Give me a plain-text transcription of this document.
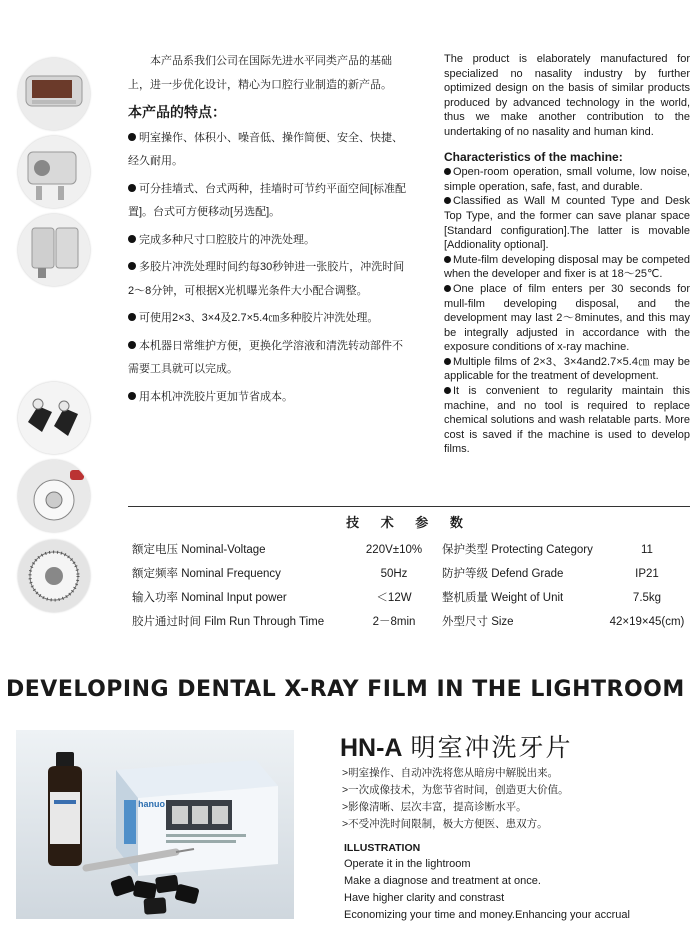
本产品系我们公司在国际先进水平同类产品的基础上，进一步优化设计，精心为口腔行业制造的新产品。

本产品的特点：

明室操作、体积小、噪音低、操作简便、安全、快捷、经久耐用。
可分挂墙式、台式两种，挂墙时可节约平面空间[标准配置]。台式可方便移动[另选配]。
完成多种尺寸口腔胶片的冲洗处理。
多胶片冲洗处理时间约每30秒钟进一张胶片，冲洗时间2～8分钟，可根据X光机曝光条件大小配合调整。
可使用2×3、3×4及2.7×5.4㎝多种胶片冲洗处理。
本机器日常维护方便，更换化学溶液和清洗转动部件不需要工具就可以完成。
用本机冲洗胶片更加节省成本。

The product is elaborately manufactured for specialized no nasality industry by further optimized design on the basis of similar products produced by advanced technology in the world, thus we make another contribution to the undertaking of no nasality and human kind.

Characteristics of the machine:

Open-room operation, small volume, low noise, simple operation, safe, fast, and durable.
Classified as Wall M counted Type and Desk Top Type, and the former can save planar space [Standard configuration].The latter is movable [Addionality optional].
Mute-film developing disposal may be competed when the developer and fixer is at 18～25℃.
One place of film enters per 30 seconds for mull-film developing disposal, and the development may last 2～8minutes, and this may be integrally adjusted in accordance with the exposure conditions of x-ray machine.
Multiple films of 2×3、3×4and2.7×5.4㎝ may be applicable for the treatment of development.
It is convenient to regularity maintain this machine, and no tool is required to replace chemical solutions and wash relatable parts. More cost is saved if the machine is used to develop films.
技 术 参 数
额定电压 Nominal-Voltage	220V±10% 保护类型 Protecting Category	11
额定频率 Nominal Frequency	50Hz	防护等级 Defend Grade	IP21
输入功率 Nominal Input power	＜12W	整机质量 Weight of Unit	7.5kg
胶片通过时间 Film Run Through Time	2－8min	外型尺寸 Size	42×19×45(cm)
DEVELOPING DENTAL X-RAY FILM IN THE LIGHTROOM
hanuo
HN-A 明室冲洗牙片

>明室操作、自动冲洗将您从暗房中解脱出来。

>一次成像技术，为您节省时间，创造更大价值。

>影像清晰、层次丰富，提高诊断水平。

>不受冲洗时间限制，极大方便医、患双方。

ILLUSTRATION

Operate it in the lightroom

Make a diagnose and treatment at once.

Have higher clarity and constrast

Economizing your time and money.Enhancing your accrual
